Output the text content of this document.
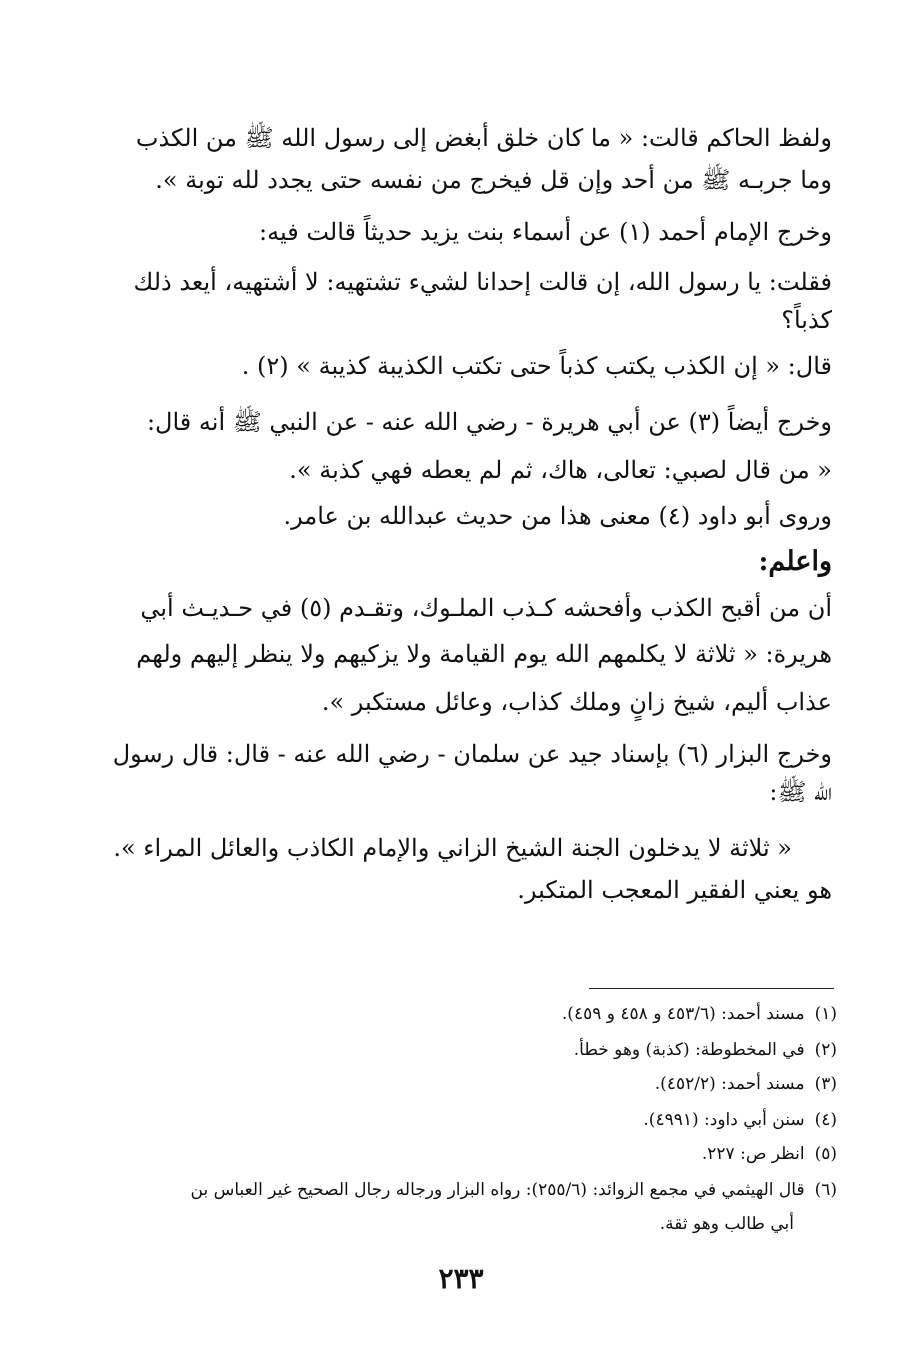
ولفظ الحاكم قالت: « ما كان خلق أبغض إلى رسول الله ﷺ من الكذب
وما جربـه ﷺ من أحد وإن قل فيخرج من نفسه حتى يجدد لله توبة ».
وخرج الإمام أحمد (١) عن أسماء بنت يزيد حديثاً قالت فيه:
فقلت: يا رسول الله، إن قالت إحدانا لشيء تشتهيه: لا أشتهيه، أيعد ذلك
كذباً؟
قال: « إن الكذب يكتب كذباً حتى تكتب الكذيبة كذيبة » (٢) .
وخرج أيضاً (٣) عن أبي هريرة - رضي الله عنه - عن النبي ﷺ أنه قال:
« من قال لصبي: تعالى، هاك، ثم لم يعطه فهي كذبة ».
وروى أبو داود (٤) معنى هذا من حديث عبدالله بن عامر.
واعلم:
أن من أقبح الكذب وأفحشه كـذب الملـوك، وتقـدم (٥) في حـديـث أبي
هريرة: « ثلاثة لا يكلمهم الله يوم القيامة ولا يزكيهم ولا ينظر إليهم ولهم
عذاب أليم، شيخ زانٍ وملك كذاب، وعائل مستكبر ».
وخرج البزار (٦) بإسناد جيد عن سلمان - رضي الله عنه - قال: قال رسول
الله ﷺ:
« ثلاثة لا يدخلون الجنة الشيخ الزاني والإمام الكاذب والعائل المراء ».
هو يعني الفقير المعجب المتكبر.
(١)مسند أحمد: (٤٥٣/٦ و ٤٥٨ و ٤٥٩).
(٢)في المخطوطة: (كذبة) وهو خطأ.
(٣)مسند أحمد: (٤٥٢/٢).
(٤)سنن أبي داود: (٤٩٩١).
(٥)انظر ص: ٢٢٧.
(٦)قال الهيثمي في مجمع الزوائد: (٢٥٥/٦): رواه البزار ورجاله رجال الصحيح غير العباس بن
أبي طالب وهو ثقة.
٢٣٣
